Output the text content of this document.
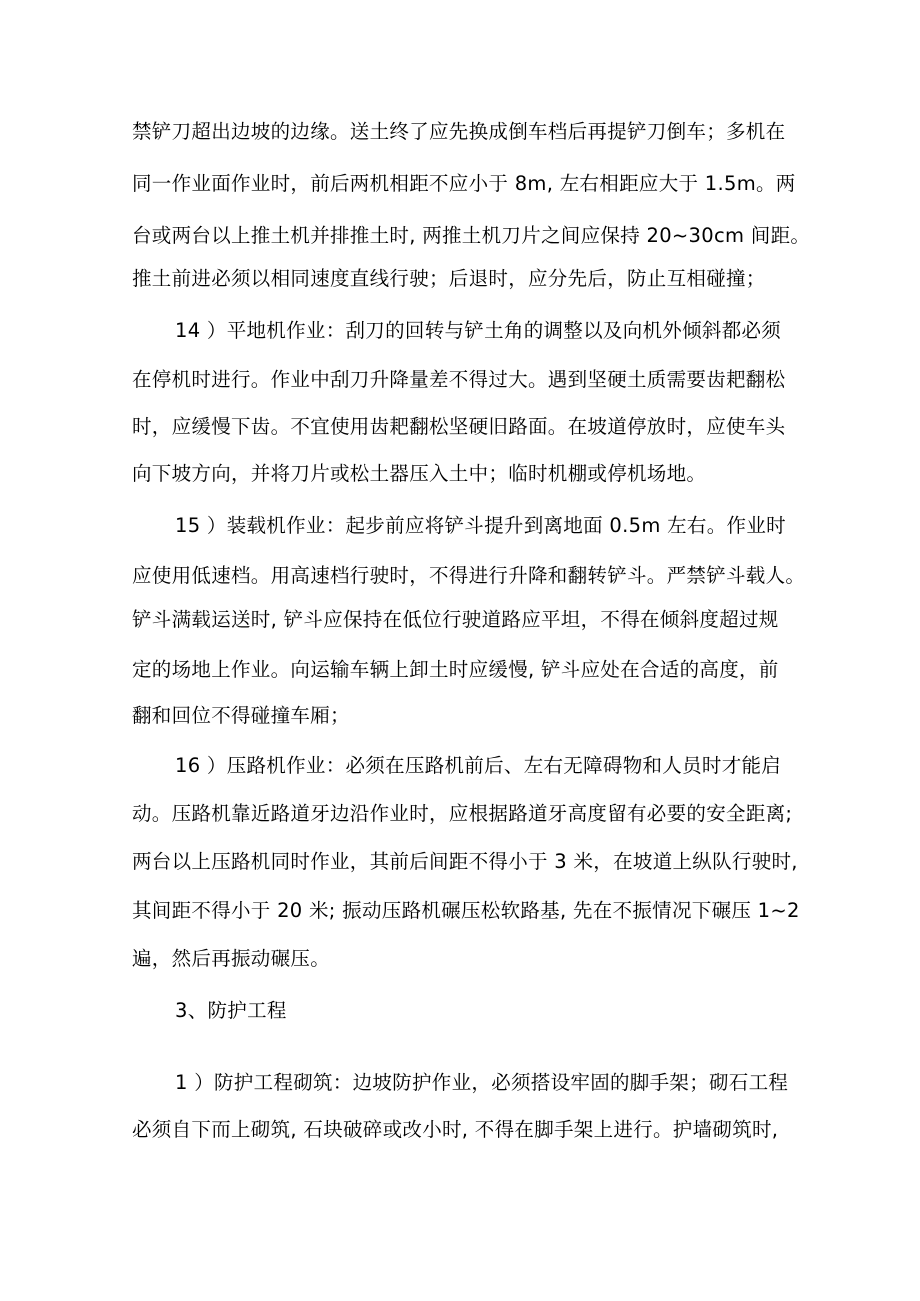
禁铲刀超出边坡的边缘。送土终了应先换成倒车档后再提铲刀倒车；多机在
同一作业面作业时，前后两机相距不应小于 8m, 左右相距应大于 1.5m。两
台或两台以上推土机并排推土时, 两推土机刀片之间应保持 20~30cm 间距。
推土前进必须以相同速度直线行驶；后退时，应分先后，防止互相碰撞；
14 ）平地机作业：刮刀的回转与铲土角的调整以及向机外倾斜都必须
在停机时进行。作业中刮刀升降量差不得过大。遇到坚硬土质需要齿耙翻松
时，应缓慢下齿。不宜使用齿耙翻松坚硬旧路面。在坡道停放时，应使车头
向下坡方向，并将刀片或松土器压入土中；临时机棚或停机场地。
15 ）装载机作业：起步前应将铲斗提升到离地面 0.5m 左右。作业时
应使用低速档。用高速档行驶时，不得进行升降和翻转铲斗。严禁铲斗载人。
铲斗满载运送时, 铲斗应保持在低位行驶道路应平坦，不得在倾斜度超过规
定的场地上作业。向运输车辆上卸土时应缓慢, 铲斗应处在合适的高度，前
翻和回位不得碰撞车厢；
16 ）压路机作业：必须在压路机前后、左右无障碍物和人员时才能启
动。压路机靠近路道牙边沿作业时，应根据路道牙高度留有必要的安全距离;
两台以上压路机同时作业，其前后间距不得小于 3 米，在坡道上纵队行驶时,
其间距不得小于 20 米; 振动压路机碾压松软路基, 先在不振情况下碾压 1~2
遍，然后再振动碾压。
3、防护工程
1 ）防护工程砌筑：边坡防护作业，必须搭设牢固的脚手架；砌石工程
必须自下而上砌筑, 石块破碎或改小时, 不得在脚手架上进行。护墙砌筑时,
